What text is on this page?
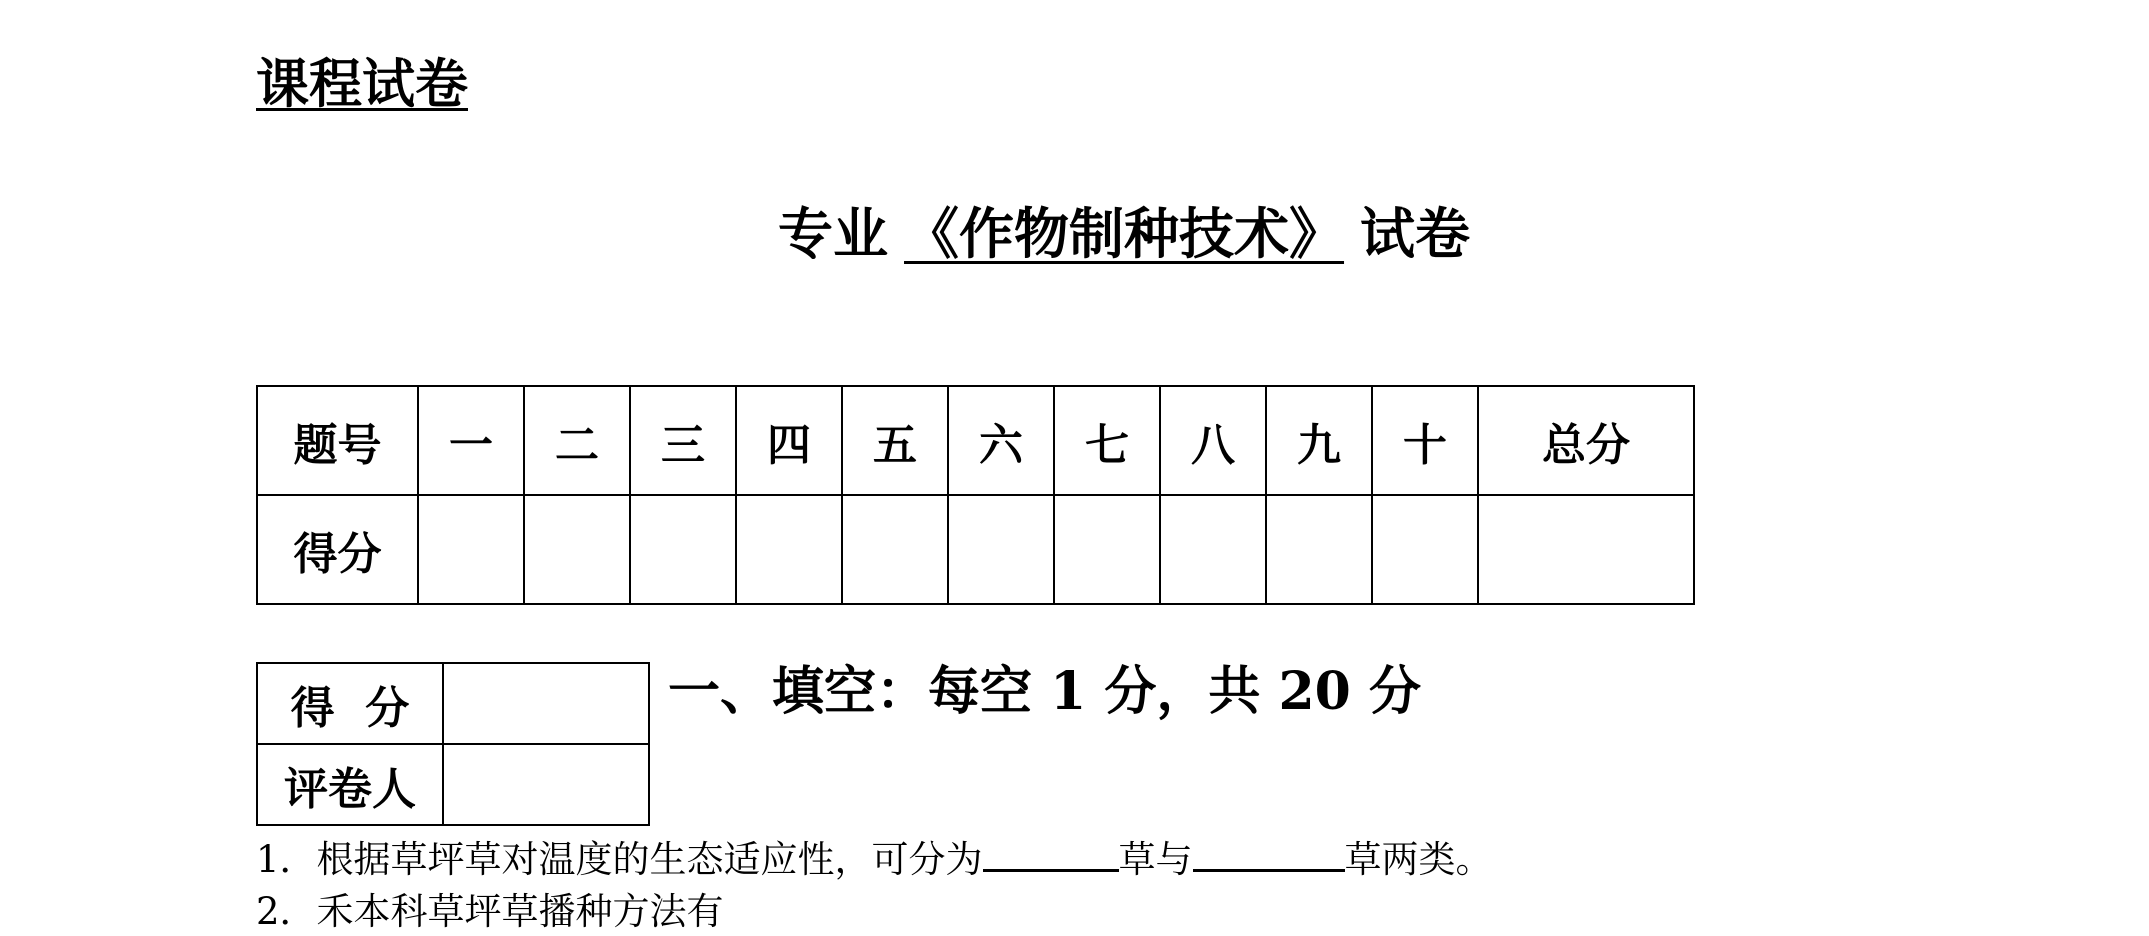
课程试卷
专业 《作物制种技术》 试卷
题号	一	二	三	四	五	六	七	八	九	十	总分
得分											
得  分	
评卷人	
一、填空：每空 1 分，共 20 分
1．根据草坪草对温度的生态适应性，可分为	草与	草两类。
2．禾本科草坪草播种方法有
